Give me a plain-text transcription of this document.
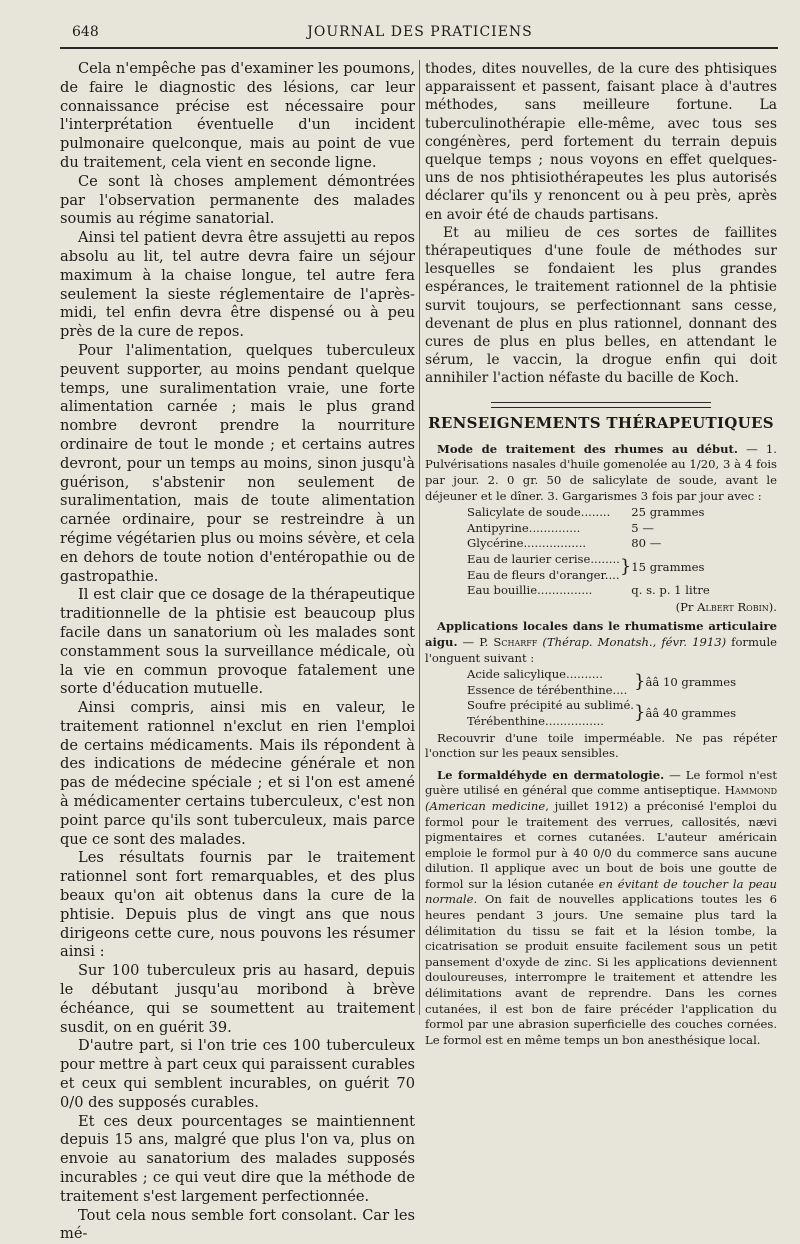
648	JOURNAL DES PRATICIENS

Cela n'empêche pas d'examiner les poumons, de faire le diagnostic des lésions, car leur connaissance précise est nécessaire pour l'interprétation éventuelle d'un incident pulmonaire quelconque, mais au point de vue du traitement, cela vient en seconde ligne.

Ce sont là choses amplement démontrées par l'observation permanente des malades soumis au régime sanatorial.

Ainsi tel patient devra être assujetti au repos absolu au lit, tel autre devra faire un séjour maximum à la chaise longue, tel autre fera seulement la sieste réglementaire de l'après-midi, tel enfin devra être dispensé ou à peu près de la cure de repos.

Pour l'alimentation, quelques tuberculeux peuvent supporter, au moins pendant quelque temps, une suralimentation vraie, une forte alimentation carnée ; mais le plus grand nombre devront prendre la nourriture ordinaire de tout le monde ; et certains autres devront, pour un temps au moins, sinon jusqu'à guérison, s'abstenir non seulement de suralimentation, mais de toute alimentation carnée ordinaire, pour se restreindre à un régime végétarien plus ou moins sévère, et cela en dehors de toute notion d'entéropathie ou de gastropathie.

Il est clair que ce dosage de la thérapeutique traditionnelle de la phtisie est beaucoup plus facile dans un sanatorium où les malades sont constamment sous la surveillance médicale, où la vie en commun provoque fatalement une sorte d'éducation mutuelle.

Ainsi compris, ainsi mis en valeur, le traitement rationnel n'exclut en rien l'emploi de certains médicaments. Mais ils répondent à des indications de médecine générale et non pas de médecine spéciale ; et si l'on est amené à médicamenter certains tuberculeux, c'est non point parce qu'ils sont tuberculeux, mais parce que ce sont des malades.

Les résultats fournis par le traitement rationnel sont fort remarquables, et des plus beaux qu'on ait obtenus dans la cure de la phtisie. Depuis plus de vingt ans que nous dirigeons cette cure, nous pouvons les résumer ainsi :

Sur 100 tuberculeux pris au hasard, depuis le débutant jusqu'au moribond à brève échéance, qui se soumettent au traitement susdit, on en guérit 39.

D'autre part, si l'on trie ces 100 tuberculeux pour mettre à part ceux qui paraissent curables et ceux qui semblent incurables, on guérit 70 0/0 des supposés curables.

Et ces deux pourcentages se maintiennent depuis 15 ans, malgré que plus l'on va, plus on envoie au sanatorium des malades supposés incurables ; ce qui veut dire que la méthode de traitement s'est largement perfectionnée.

Tout cela nous semble fort consolant. Car les mé-

thodes, dites nouvelles, de la cure des phtisiques apparaissent et passent, faisant place à d'autres méthodes, sans meilleure fortune. La tuberculinothérapie elle-même, avec tous ses congénères, perd fortement du terrain depuis quelque temps ; nous voyons en effet quelques-uns de nos phtisiothérapeutes les plus autorisés déclarer qu'ils y renoncent ou à peu près, après en avoir été de chauds partisans.

Et au milieu de ces sortes de faillites thérapeutiques d'une foule de méthodes sur lesquelles se fondaient les plus grandes espérances, le traitement rationnel de la phtisie survit toujours, se perfectionnant sans cesse, devenant de plus en plus rationnel, donnant des cures de plus en plus belles, en attendant le sérum, le vaccin, la drogue enfin qui doit annihiler l'action néfaste du bacille de Koch.

RENSEIGNEMENTS THÉRAPEUTIQUES

Mode de traitement des rhumes au début. — 1. Pulvérisations nasales d'huile gomenolée au 1/20, 3 à 4 fois par jour. 2. 0 gr. 50 de salicylate de soude, avant le déjeuner et le dîner. 3. Gargarismes 3 fois par jour avec :

Salicylate de soude........		25 grammes
Antipyrine..............		5 —
Glycérine.................		80 —
Eau de laurier cerise........	}	15 grammes
Eau de fleurs d'oranger....		
Eau bouillie...............		q. s. p. 1 litre
(Pr Albert Robin).

Applications locales dans le rhumatisme articulaire aigu. — P. Scharff (Thérap. Monatsh., févr. 1913) formule l'onguent suivant :

Acide salicylique..........	}	ââ 10 grammes
Essence de térébenthine....		
Soufre précipité au sublimé.	}	ââ 40 grammes
Térébenthine................		

Recouvrir d'une toile imperméable. Ne pas répéter l'onction sur les peaux sensibles.

Le formaldéhyde en dermatologie. — Le formol n'est guère utilisé en général que comme antiseptique. Hammond (American medicine, juillet 1912) a préconisé l'emploi du formol pour le traitement des verrues, callosités, nævi pigmentaires et cornes cutanées. L'auteur américain emploie le formol pur à 40 0/0 du commerce sans aucune dilution. Il applique avec un bout de bois une goutte de formol sur la lésion cutanée en évitant de toucher la peau normale. On fait de nouvelles applications toutes les 6 heures pendant 3 jours. Une semaine plus tard la délimitation du tissu se fait et la lésion tombe, la cicatrisation se produit ensuite facilement sous un petit pansement d'oxyde de zinc. Si les applications deviennent douloureuses, interrompre le traitement et attendre les délimitations avant de reprendre. Dans les cornes cutanées, il est bon de faire précéder l'application du formol par une abrasion superficielle des couches cornées. Le formol est en même temps un bon anesthésique local.
